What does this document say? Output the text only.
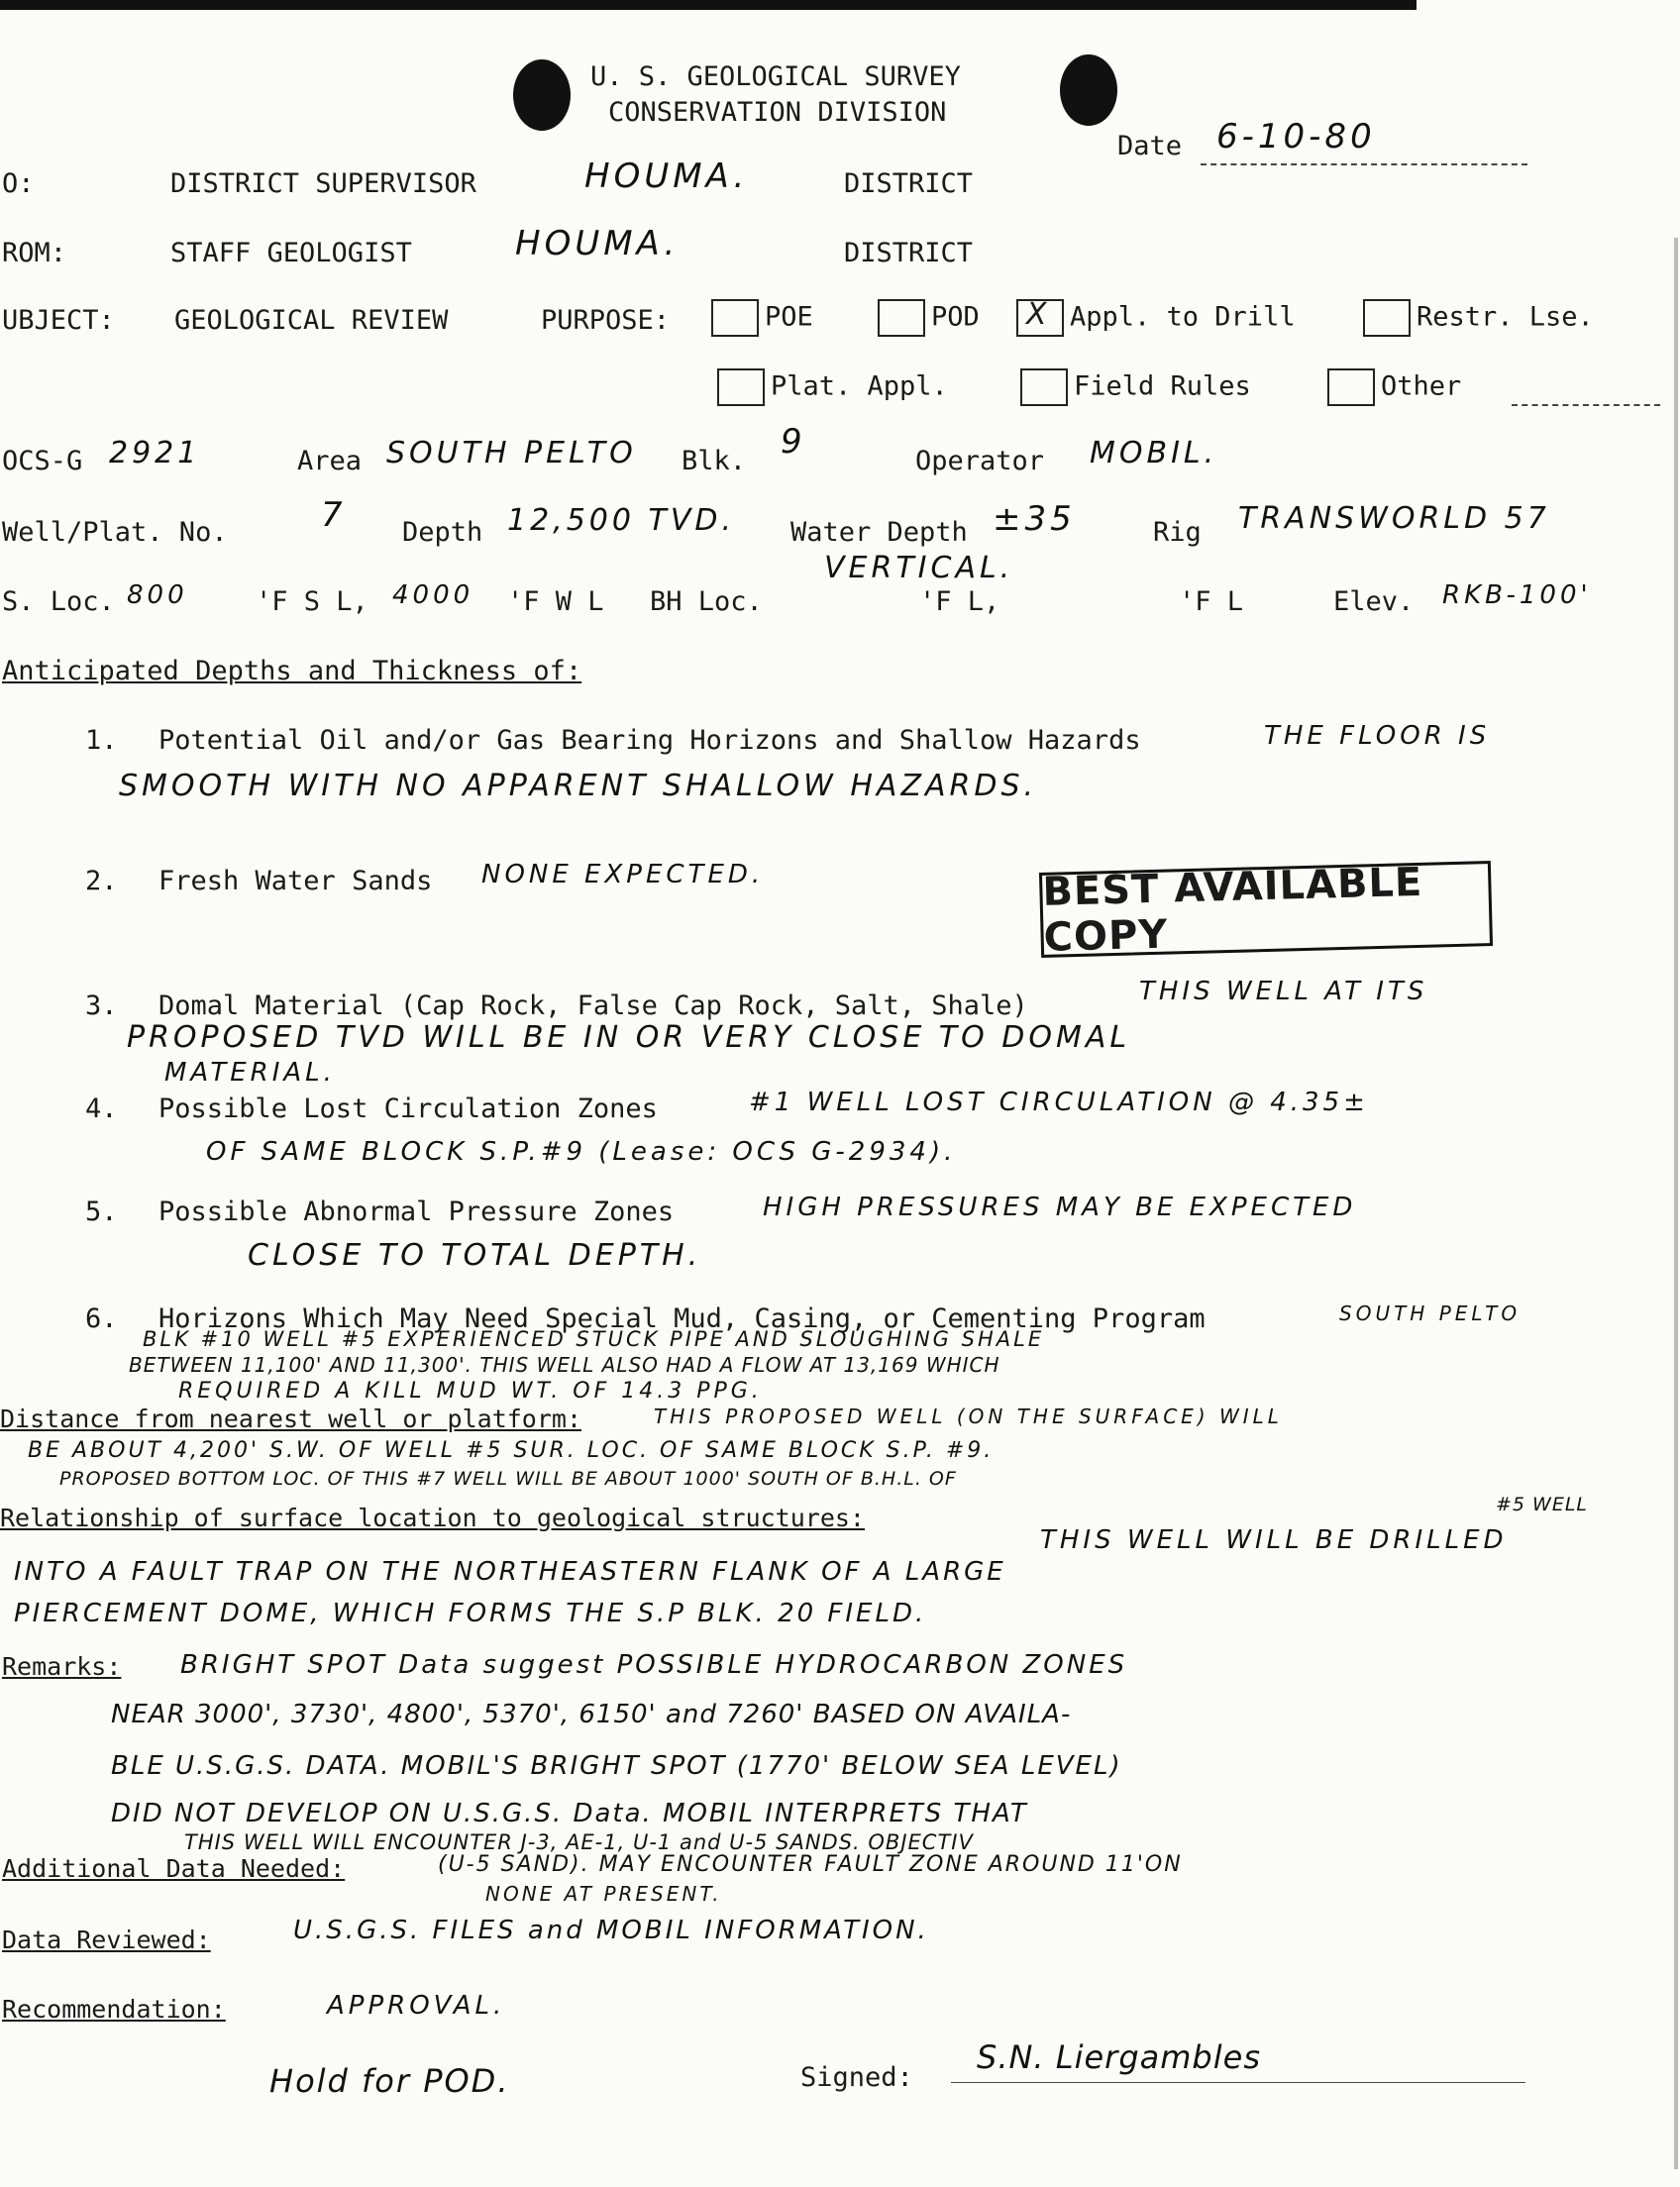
U. S. GEOLOGICAL SURVEY
CONSERVATION DIVISION
Date 6-10-80
O:	DISTRICT SUPERVISOR	HOUMA.	DISTRICT
ROM:	STAFF GEOLOGIST	HOUMA.	DISTRICT
UBJECT: GEOLOGICAL REVIEW	PURPOSE:	POE	POD
X	Appl. to Drill	Restr. Lse.
Plat. Appl.	Field Rules	Other
OCS-G 2921	Area SOUTH PELTO Blk. 9	Operator MOBIL.
Well/Plat. No.	7 Depth 12,500 TVD. Water Depth ±35	Rig TRANSWORLD 57
S. Loc. 800	'F S L, 4000 'F W L BH Loc.
VERTICAL.
'F L,	'F L	Elev. RKB-100'
Anticipated Depths and Thickness of:
1. Potential Oil and/or Gas Bearing Horizons and Shallow Hazards	THE FLOOR IS
SMOOTH WITH NO APPARENT SHALLOW HAZARDS.
2. Fresh Water Sands NONE EXPECTED.	BEST AVAILABLE COPY
3. Domal Material (Cap Rock, False Cap Rock, Salt, Shale)	THIS WELL AT ITS
PROPOSED TVD WILL BE IN OR VERY CLOSE TO DOMAL
MATERIAL.
4. Possible Lost Circulation Zones	#1 WELL LOST CIRCULATION @ 4.35±
OF SAME BLOCK S.P.#9 (Lease: OCS G-2934).
5. Possible Abnormal Pressure Zones	HIGH PRESSURES MAY BE EXPECTED
CLOSE TO TOTAL DEPTH.
6. Horizons Which May Need Special Mud, Casing, or Cementing Program	SOUTH PELTO
BLK #10 WELL #5 EXPERIENCED STUCK PIPE AND SLOUGHING SHALE
BETWEEN 11,100' AND 11,300'. THIS WELL ALSO HAD A FLOW AT 13,169 WHICH
REQUIRED A KILL MUD WT. OF 14.3 PPG.
Distance from nearest well or platform:	THIS PROPOSED WELL (ON THE SURFACE) WILL
BE ABOUT 4,200' S.W. OF WELL #5 SUR. LOC. OF SAME BLOCK S.P. #9.
PROPOSED BOTTOM LOC. OF THIS #7 WELL WILL BE ABOUT 1000' SOUTH OF B.H.L. OF
#5 WELL
Relationship of surface location to geological structures:
THIS WELL WILL BE DRILLED
INTO A FAULT TRAP ON THE NORTHEASTERN FLANK OF A LARGE
PIERCEMENT DOME, WHICH FORMS THE S.P BLK. 20 FIELD.
Remarks: BRIGHT SPOT Data suggest POSSIBLE HYDROCARBON ZONES
NEAR 3000', 3730', 4800', 5370', 6150' and 7260' BASED ON AVAILA-
BLE U.S.G.S. DATA. MOBIL'S BRIGHT SPOT (1770' BELOW SEA LEVEL)
DID NOT DEVELOP ON U.S.G.S. Data. MOBIL INTERPRETS THAT
THIS WELL WILL ENCOUNTER J-3, AE-1, U-1 and U-5 SANDS. OBJECTIV
Additional Data Needed:	(U-5 SAND). MAY ENCOUNTER FAULT ZONE AROUND 11'ON
NONE AT PRESENT.
Data Reviewed:	U.S.G.S. FILES and MOBIL INFORMATION.
Recommendation:	APPROVAL.
Hold for POD.	Signed:
S.N. Liergambles
